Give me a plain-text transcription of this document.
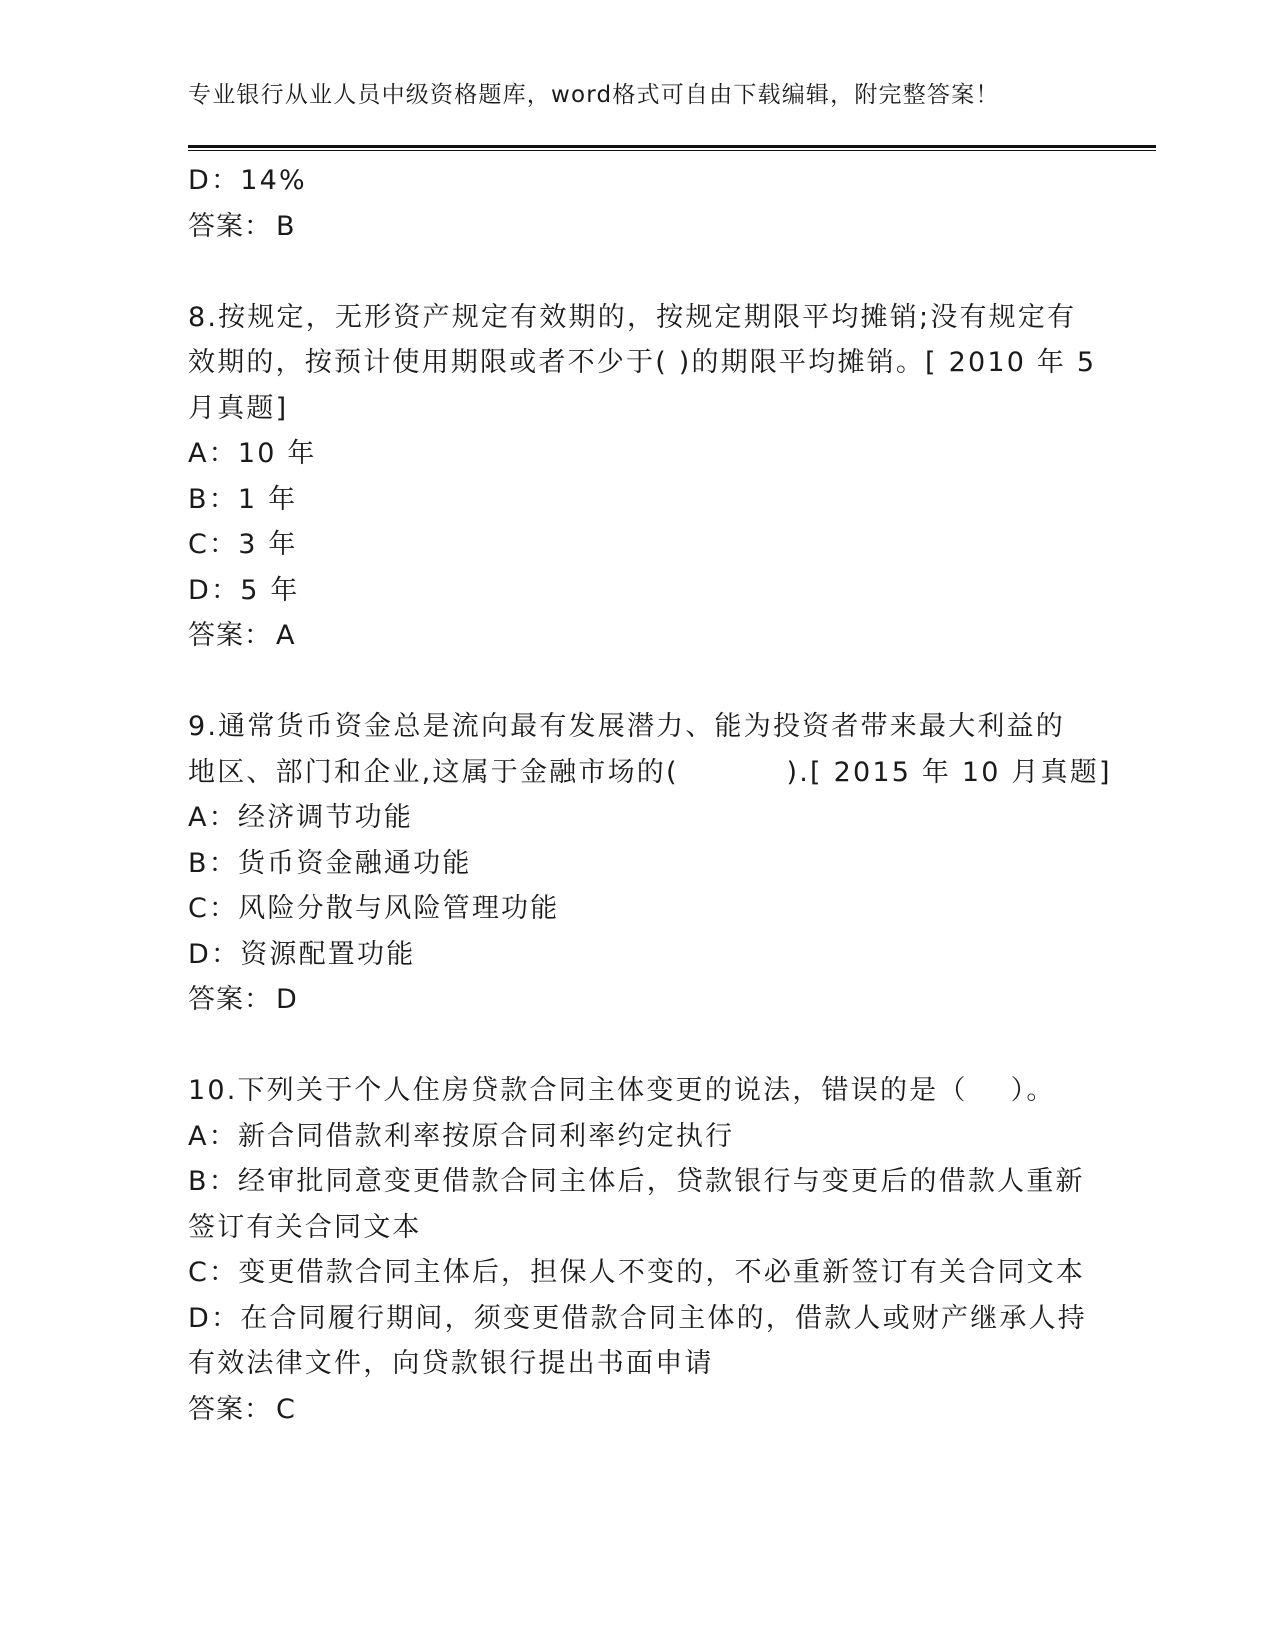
专业银行从业人员中级资格题库，word格式可自由下载编辑，附完整答案！
D：14%
答案： B
8.按规定，无形资产规定有效期的，按规定期限平均摊销;没有规定有
效期的，按预计使用期限或者不少于( )的期限平均摊销。[ 2010 年 5
月真题]
A：10 年
B：1 年
C：3 年
D：5 年
答案： A
9.通常货币资金总是流向最有发展潜力、能为投资者带来最大利益的
地区、部门和企业,这属于金融市场的(          ).[ 2015 年 10 月真题]
A：经济调节功能
B：货币资金融通功能
C：风险分散与风险管理功能
D：资源配置功能
答案： D
10.下列关于个人住房贷款合同主体变更的说法，错误的是（    ）。
A：新合同借款利率按原合同利率约定执行
B：经审批同意变更借款合同主体后，贷款银行与变更后的借款人重新
签订有关合同文本
C：变更借款合同主体后，担保人不变的，不必重新签订有关合同文本
D：在合同履行期间，须变更借款合同主体的，借款人或财产继承人持
有效法律文件，向贷款银行提出书面申请
答案： C
